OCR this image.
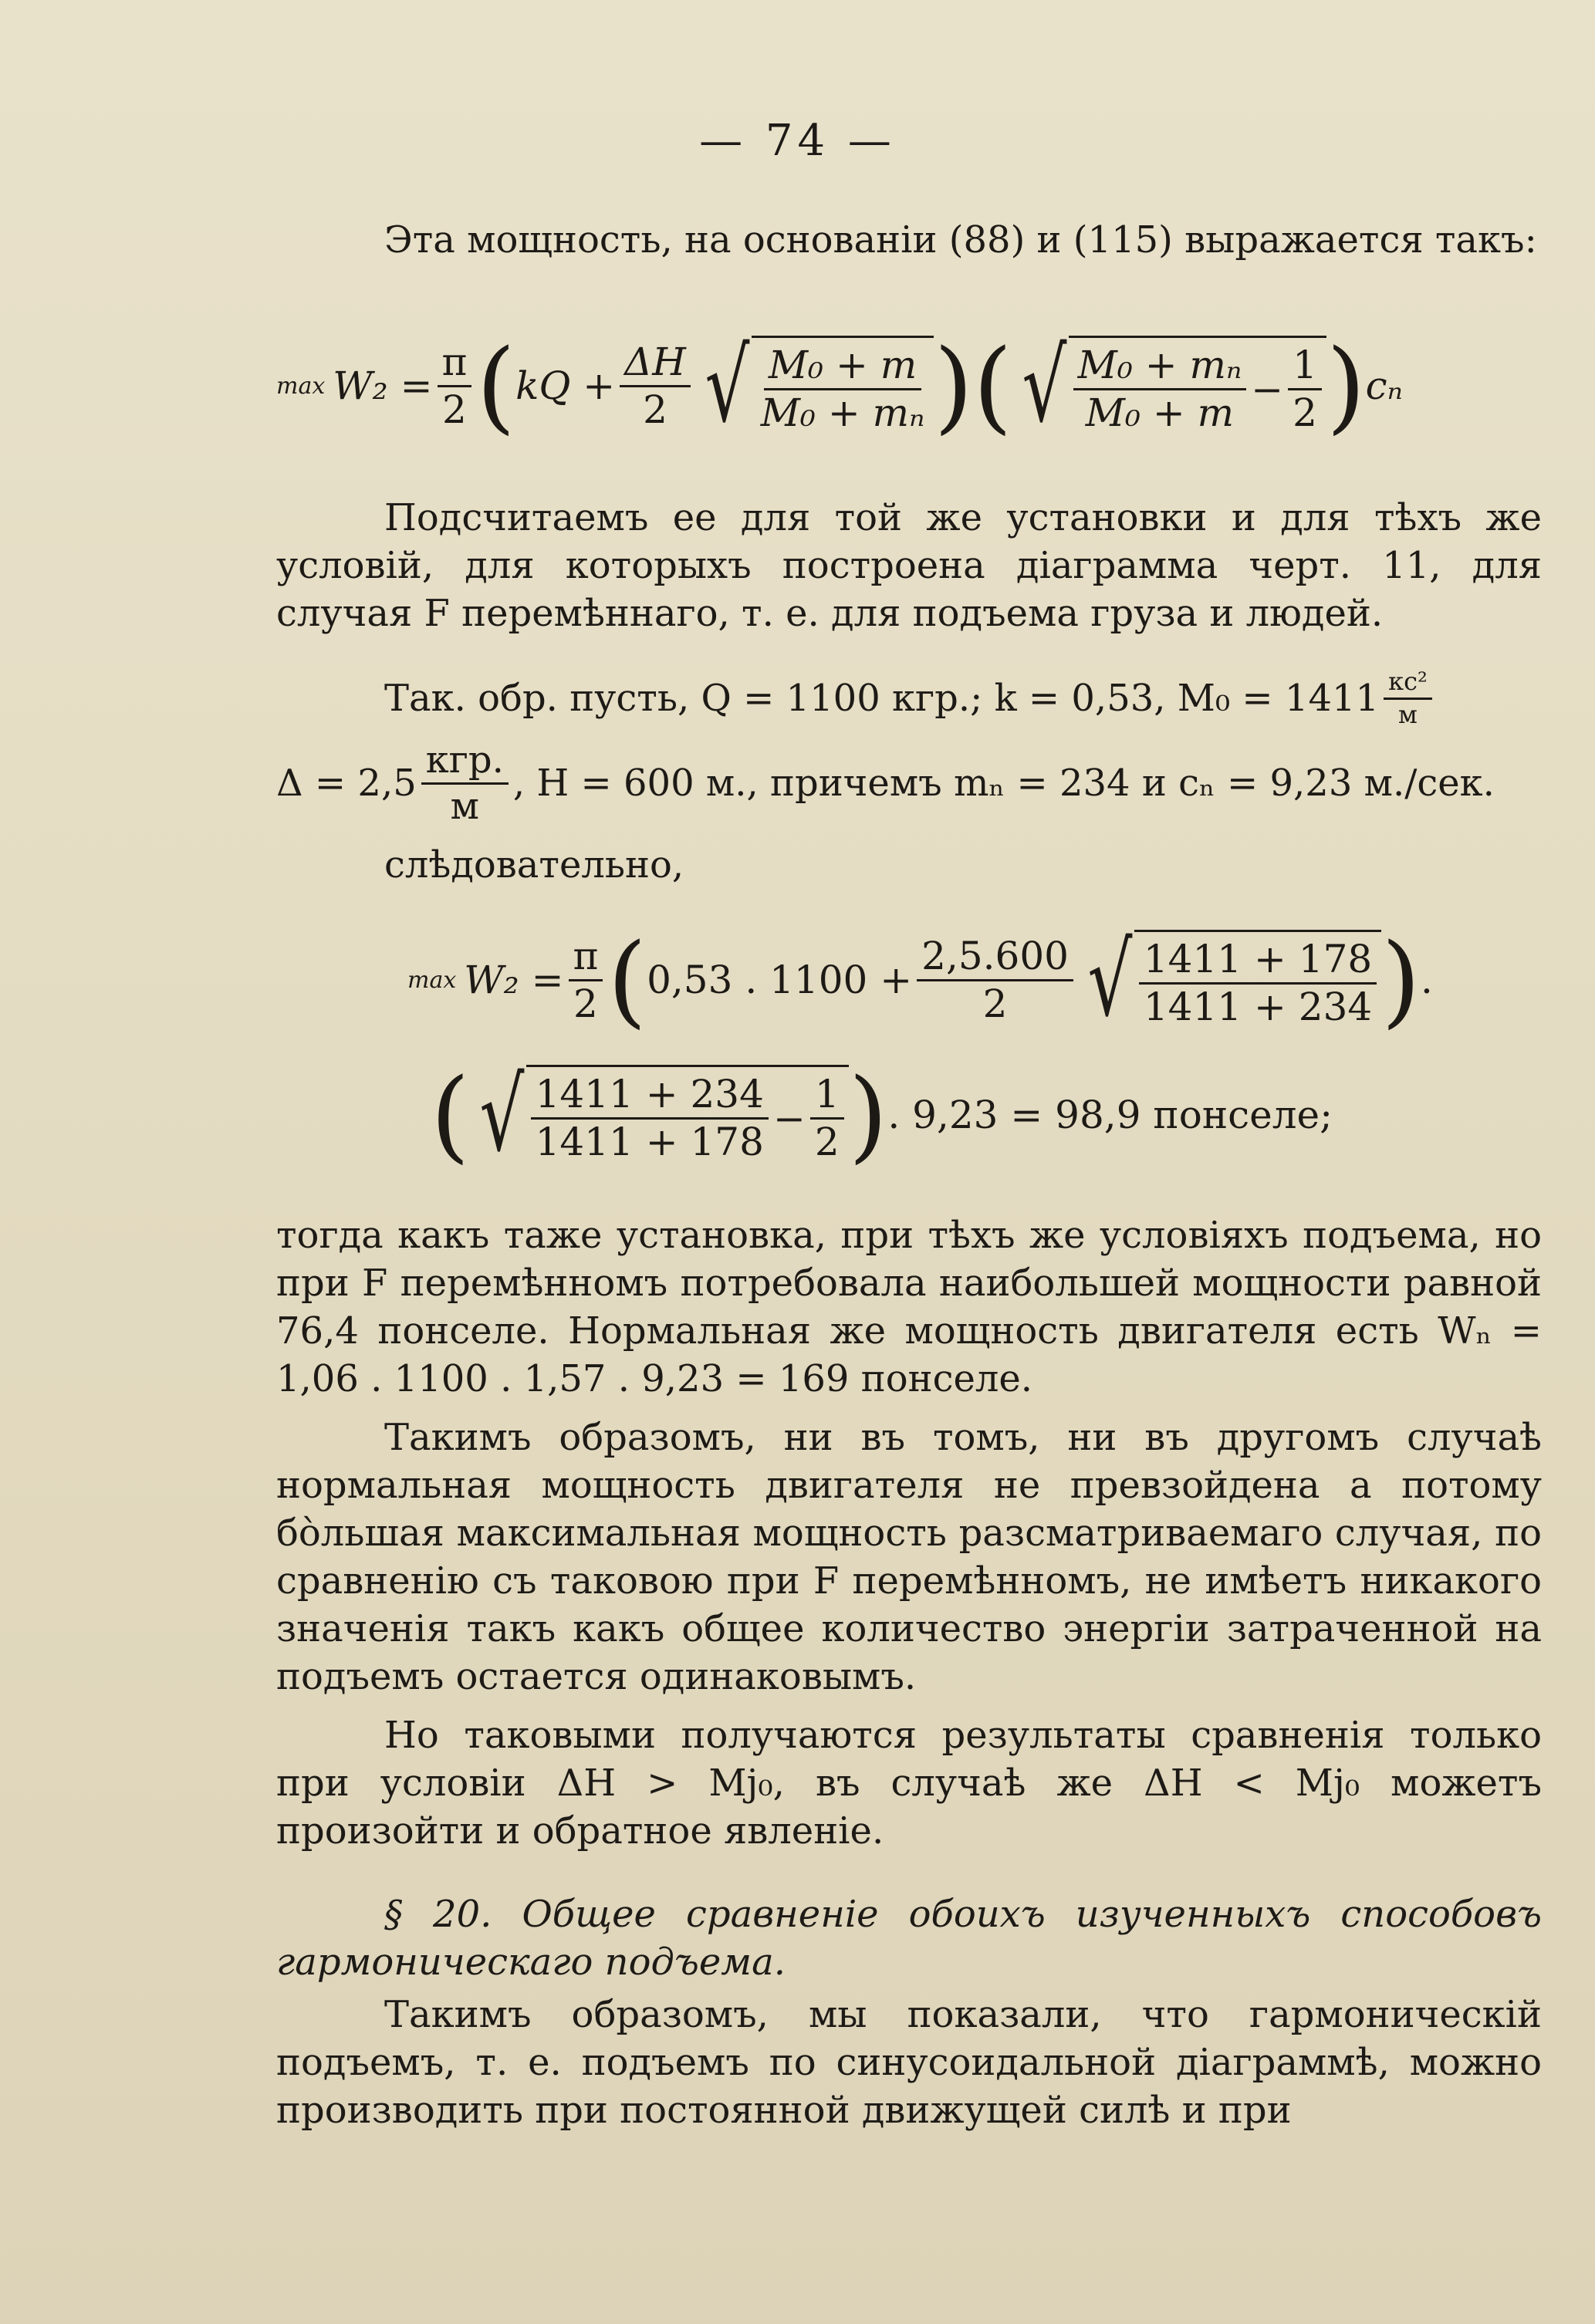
— 74 —
Эта мощность, на основаніи (88) и (115) выражается такъ:
$\max W_2 = \frac{\pi}{2}$ ( kQ + $\frac{\Delta H}{2}$ √ $\frac{\text{M₀ + m}}{\text{M₀ + mₙ}}$ )( √ $\frac{\text{M₀ + mₙ}}{\text{M₀ + m}} - \frac{1}{2}$ ) cₙ
Подсчитаемъ ее для той же установки и для тѣхъ же условій, для которыхъ построена діаграмма черт. 11, для случая F перемѣннаго, т. е. для подъема груза и людей.
Так. обр. пусть, Q = 1100 кгр.; k = 0,53, $M_0 = 1411 \frac{\text{кс²}}{м}$
$\Delta = 2,5 \frac{\text{кгр.}}{м}$ , H = 600 м., причемъ mₙ = 234 и cₙ = 9,23 м./сек.
слѣдовательно,
$\max W_2 = \frac{\pi}{2}$ ( 0,53 . $1100 + \frac{2,5.600}{2}$ √ $\frac{1411 + 178}{1411 + 234}$ ) .
( √ $\frac{1411 + 234}{1411 + 178} - \frac{1}{2}$ ) . 9,23 = 98,9 понселе;
тогда какъ таже установка, при тѣхъ же условіяхъ подъема, но при F перемѣнномъ потребовала наибольшей мощности равной 76,4 понселе. Нормальная же мощность двигателя есть Wₙ = 1,06 . 1100 . 1,57 . 9,23 = 169 понселе.
Такимъ образомъ, ни въ томъ, ни въ другомъ случаѣ нормальная мощность двигателя не превзойдена а потому бо̀льшая максимальная мощность разсматриваемаго случая, по сравненію съ таковою при F перемѣнномъ, не имѣетъ никакого значенія такъ какъ общее количество энергіи затраченной на подъемъ остается одинаковымъ.
Но таковыми получаются результаты сравненія только при условіи ΔH > Mj₀, въ случаѣ же ΔH < Mj₀ можетъ произойти и обратное явленіе.
§ 20. Общее сравненіе обоихъ изученныхъ способовъ гармоническаго подъема.
Такимъ образомъ, мы показали, что гармоническій подъемъ, т. е. подъемъ по синусоидальной діаграммѣ, можно производить при постоянной движущей силѣ и при
